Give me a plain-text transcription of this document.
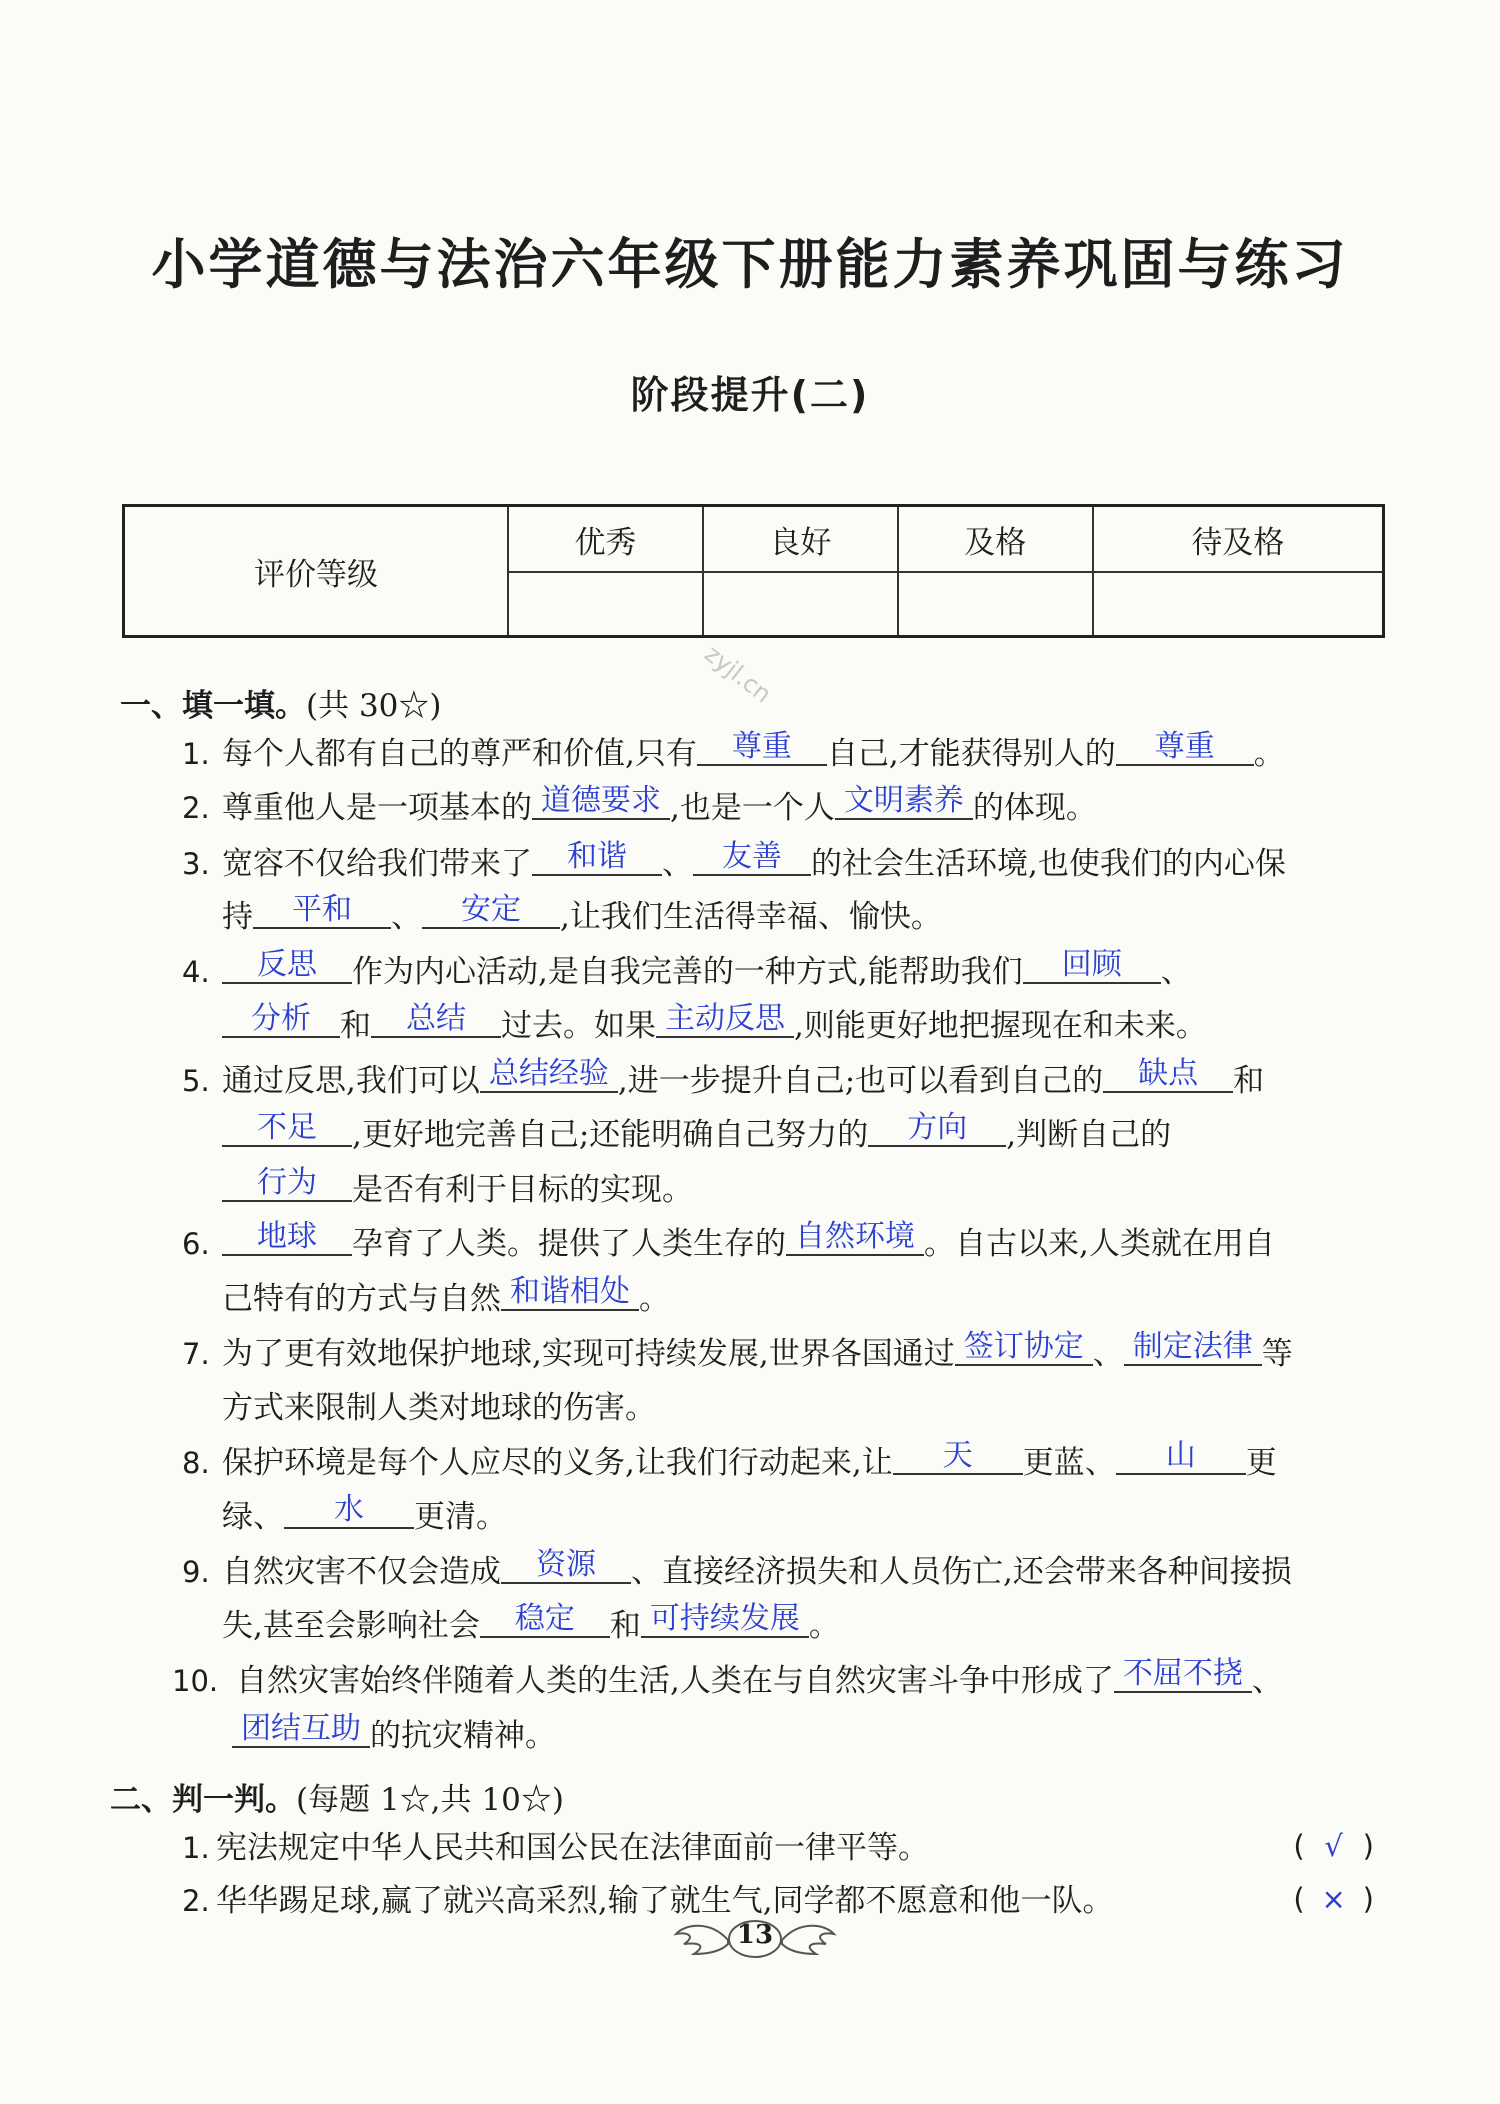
小学道德与法治六年级下册能力素养巩固与练习
阶段提升(二)
评价等级	优秀	良好	及格	待及格

zyjl.cn
一、填一填。(共 30☆)
1. 每个人都有自己的尊严和价值,只有 尊重 自己,才能获得别人的 尊重 。
2. 尊重他人是一项基本的 道德要求 ,也是一个人 文明素养 的体现。
3. 宽容不仅给我们带来了 和谐 、 友善 的社会生活环境,也使我们的内心保
持 平和 、 安定 ,让我们生活得幸福、愉快。
4.	反思 作为内心活动,是自我完善的一种方式,能帮助我们 回顾 、
分析 和 总结 过去。如果 主动反思 ,则能更好地把握现在和未来。
5. 通过反思,我们可以 总结经验 ,进一步提升自己;也可以看到自己的 缺点 和
不足 ,更好地完善自己;还能明确自己努力的 方向 ,判断自己的
行为 是否有利于目标的实现。
6.	地球 孕育了人类。提供了人类生存的 自然环境 。自古以来,人类就在用自
己特有的方式与自然 和谐相处 。
7. 为了更有效地保护地球,实现可持续发展,世界各国通过 签订协定 、 制定法律 等
方式来限制人类对地球的伤害。
8. 保护环境是每个人应尽的义务,让我们行动起来,让 天 更蓝、 山 更
绿、 水 更清。
9. 自然灾害不仅会造成 资源 、直接经济损失和人员伤亡,还会带来各种间接损
失,甚至会影响社会 稳定 和 可持续发展 。
10. 自然灾害始终伴随着人类的生活,人类在与自然灾害斗争中形成了 不屈不挠 、
团结互助 的抗灾精神。
二、判一判。(每题 1☆,共 10☆)
1. 宪法规定中华人民共和国公民在法律面前一律平等。	( √ )
2. 华华踢足球,赢了就兴高采烈,输了就生气,同学都不愿意和他一队。	( × )
13
